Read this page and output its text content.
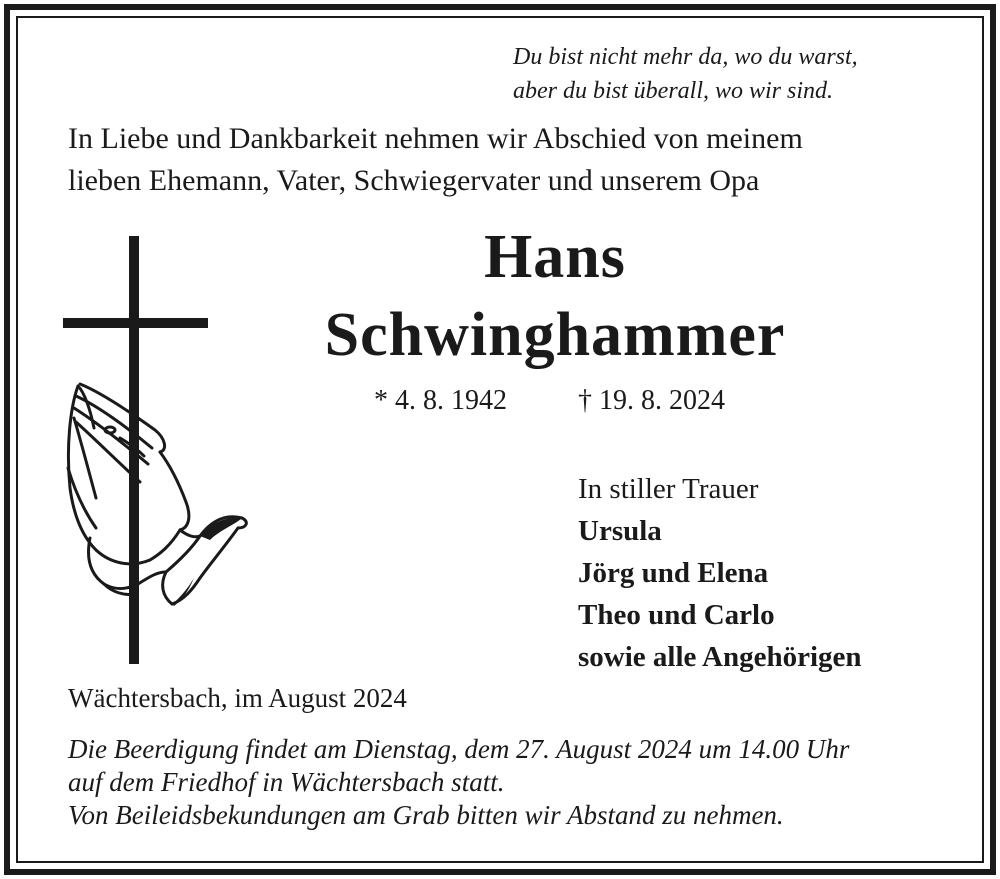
Du bist nicht mehr da, wo du warst,
aber du bist überall, wo wir sind.
In Liebe und Dankbarkeit nehmen wir Abschied von meinem
lieben Ehemann, Vater, Schwiegervater und unserem Opa
Hans
Schwinghammer
* 4. 8. 1942	† 19. 8. 2024
In stiller Trauer
Ursula
Jörg und Elena
Theo und Carlo
sowie alle Angehörigen
Wächtersbach, im August 2024
Die Beerdigung findet am Dienstag, dem 27. August 2024 um 14.00 Uhr
auf dem Friedhof in Wächtersbach statt.
Von Beileidsbekundungen am Grab bitten wir Abstand zu nehmen.
